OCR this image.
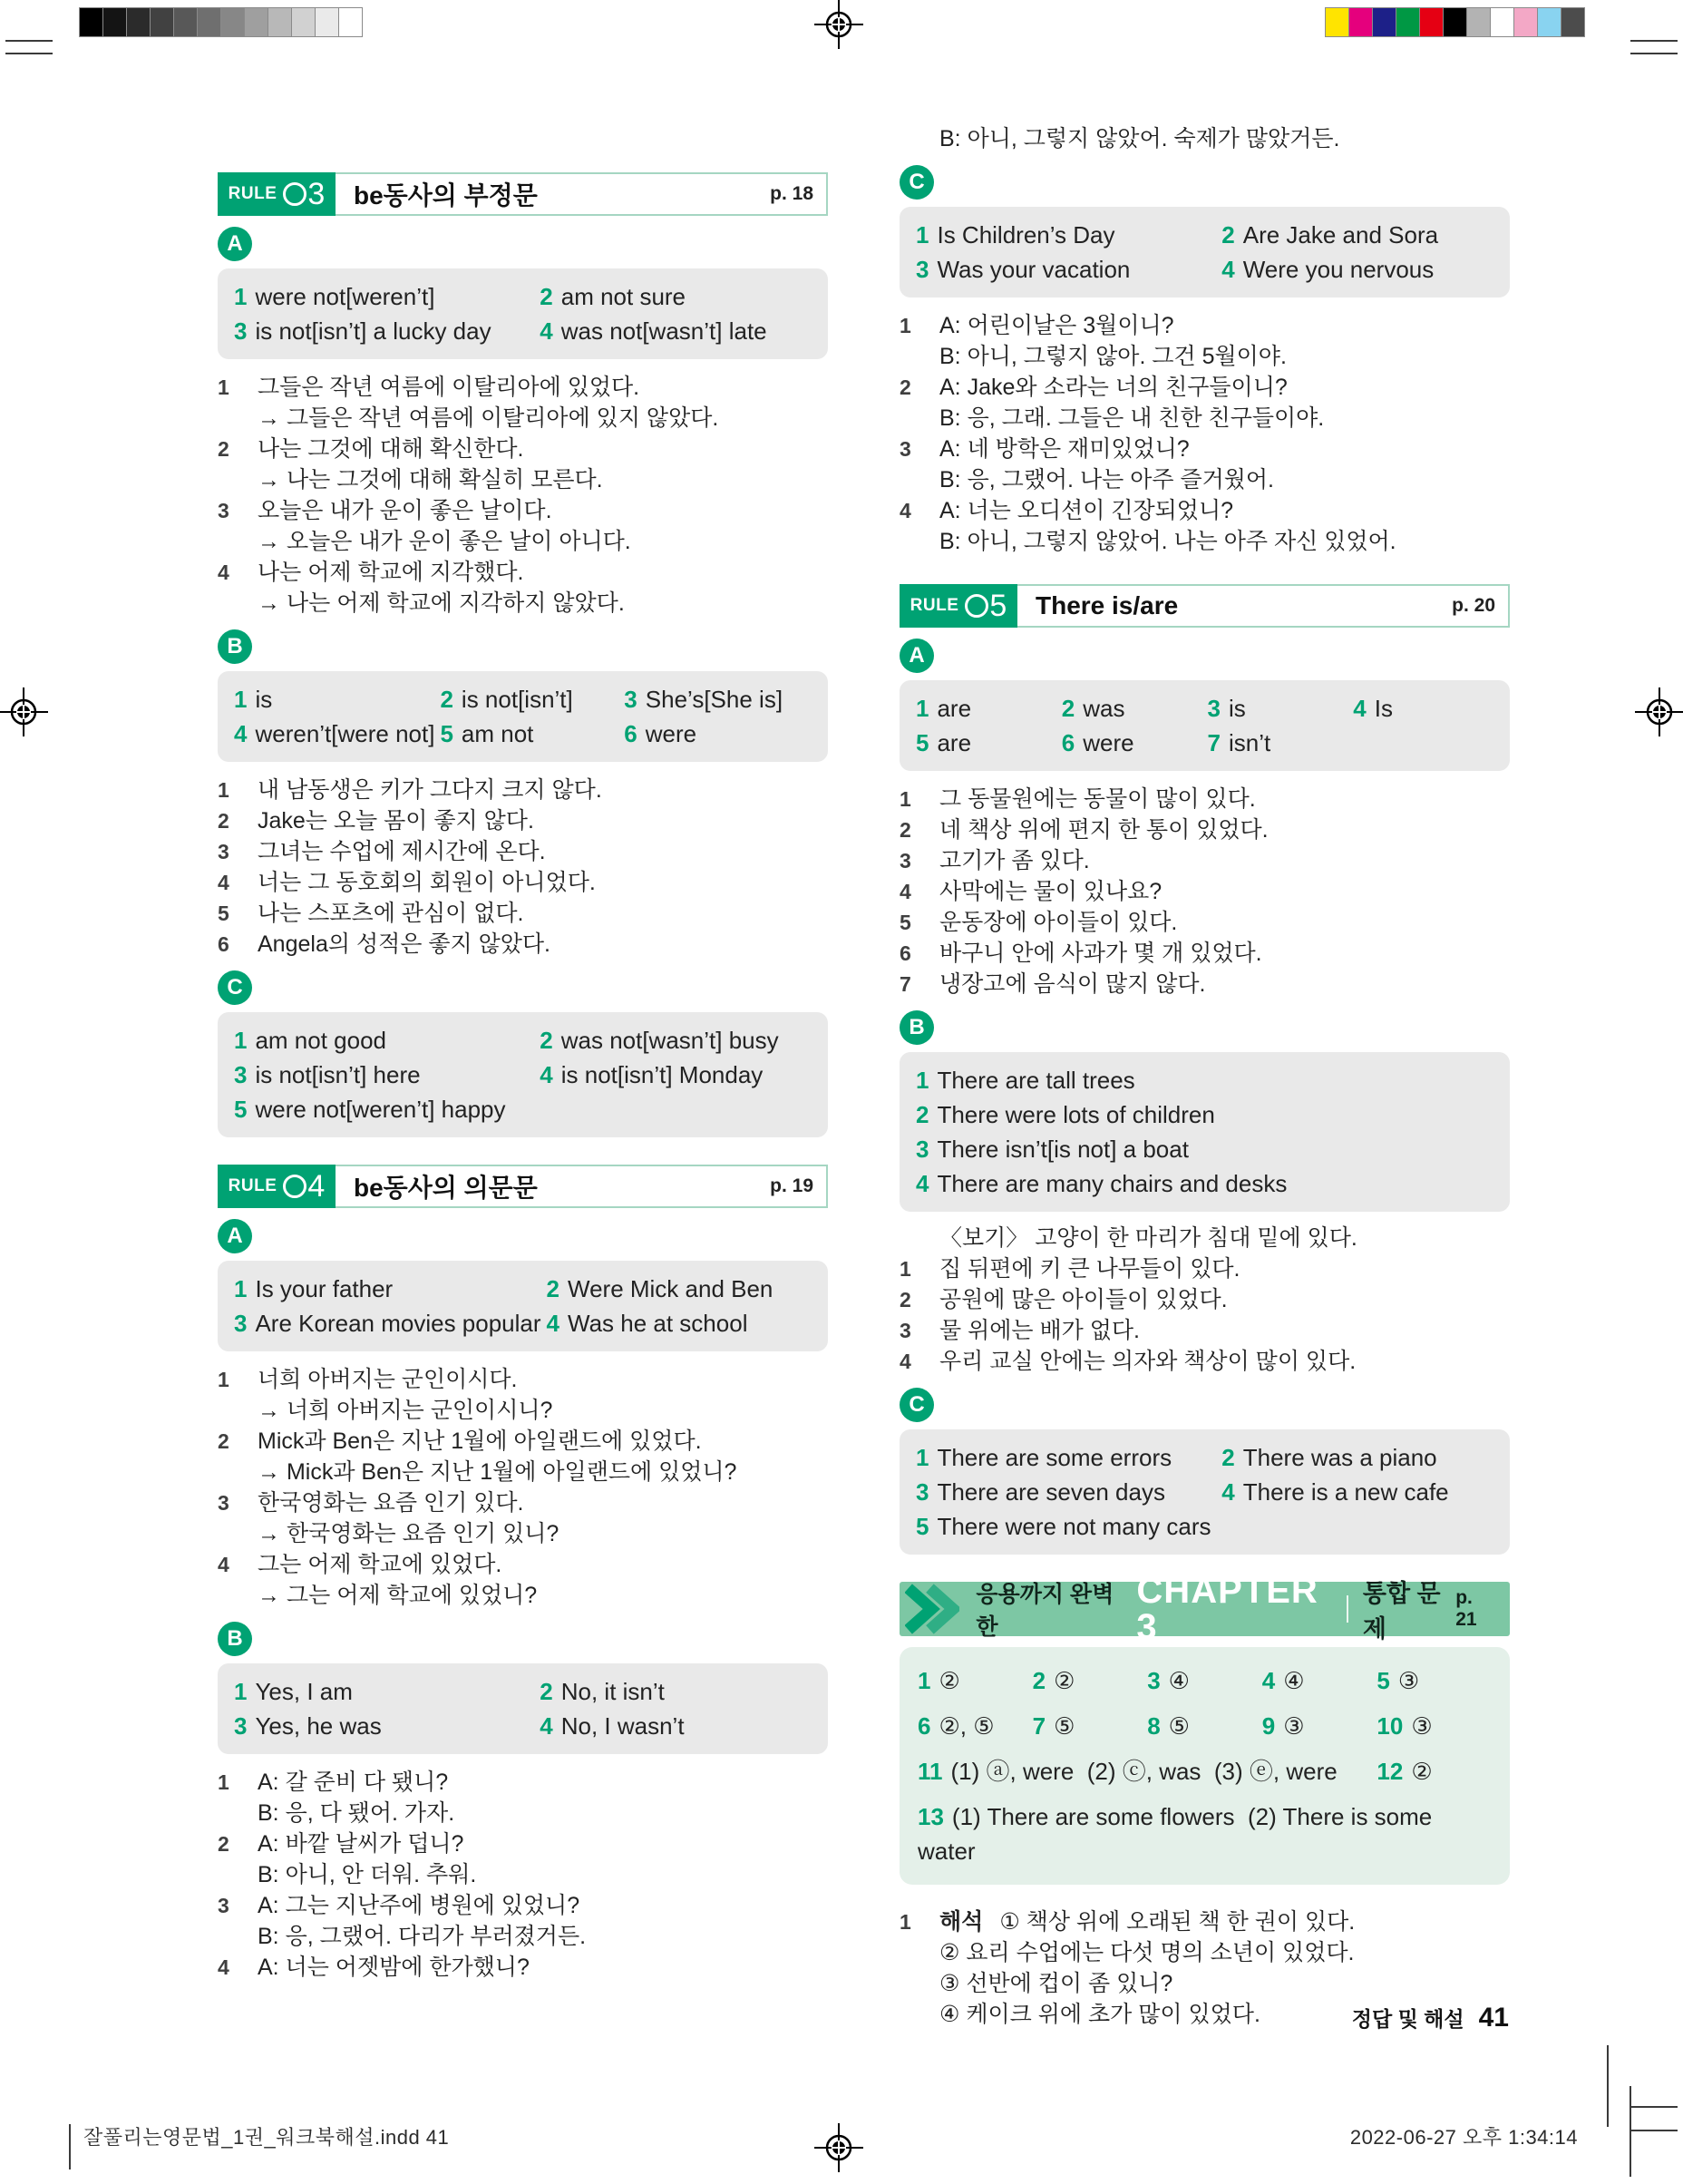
잘풀리는영문법_1권_워크북해설.indd 41	2022-06-27 오후 1:34:14
RULE 3	be동사의 부정문	p. 18
A
1 were not[weren’t]	2 am not sure
3 is not[isn’t] a lucky day	4 was not[wasn’t] late
1	그들은 작년 여름에 이탈리아에 있었다.
→ 그들은 작년 여름에 이탈리아에 있지 않았다.
2	나는 그것에 대해 확신한다.
→ 나는 그것에 대해 확실히 모른다.
3	오늘은 내가 운이 좋은 날이다.
→ 오늘은 내가 운이 좋은 날이 아니다.
4	나는 어제 학교에 지각했다.
→ 나는 어제 학교에 지각하지 않았다.
B
1 is	2 is not[isn’t]	3 She’s[She is]
4 weren’t[were not] 5 am not	6 were
1	내 남동생은 키가 그다지 크지 않다.
2	Jake는 오늘 몸이 좋지 않다.
3	그녀는 수업에 제시간에 온다.
4	너는 그 동호회의 회원이 아니었다.
5	나는 스포츠에 관심이 없다.
6	Angela의 성적은 좋지 않았다.
C
1 am not good	2 was not[wasn’t] busy
3 is not[isn’t] here	4 is not[isn’t] Monday
5 were not[weren’t] happy
RULE 4	be동사의 의문문	p. 19
A
1 Is your father	2 Were Mick and Ben
3 Are Korean movies popular 4 Was he at school
1	너희 아버지는 군인이시다.
→ 너희 아버지는 군인이시니?
2	Mick과 Ben은 지난 1월에 아일랜드에 있었다.
→ Mick과 Ben은 지난 1월에 아일랜드에 있었니?
3	한국영화는 요즘 인기 있다.
→ 한국영화는 요즘 인기 있니?
4	그는 어제 학교에 있었다.
→ 그는 어제 학교에 있었니?
B
1 Yes, I am	2 No, it isn’t
3 Yes, he was	4 No, I wasn’t
1	A: 갈 준비 다 됐니?
B: 응, 다 됐어. 가자.
2	A: 바깥 날씨가 덥니?
B: 아니, 안 더워. 추워.
3	A: 그는 지난주에 병원에 있었니?
B: 응, 그랬어. 다리가 부러졌거든.
4	A: 너는 어젯밤에 한가했니?
B: 아니, 그렇지 않았어. 숙제가 많았거든.
C
1 Is Children’s Day	2 Are Jake and Sora
3 Was your vacation	4 Were you nervous
1	A: 어린이날은 3월이니?
B: 아니, 그렇지 않아. 그건 5월이야.
2	A: Jake와 소라는 너의 친구들이니?
B: 응, 그래. 그들은 내 친한 친구들이야.
3	A: 네 방학은 재미있었니?
B: 응, 그랬어. 나는 아주 즐거웠어.
4	A: 너는 오디션이 긴장되었니?
B: 아니, 그렇지 않았어. 나는 아주 자신 있었어.
RULE 5	There is/are	p. 20
A
1 are	2 was	3 is	4 Is
5 are	6 were	7 isn’t
1	그 동물원에는 동물이 많이 있다.
2	네 책상 위에 편지 한 통이 있었다.
3	고기가 좀 있다.
4	사막에는 물이 있나요?
5	운동장에 아이들이 있다.
6	바구니 안에 사과가 몇 개 있었다.
7	냉장고에 음식이 많지 않다.
B
1 There are tall trees
2 There were lots of children
3 There isn’t[is not] a boat
4 There are many chairs and desks
〈보기〉 고양이 한 마리가 침대 밑에 있다.
1	집 뒤편에 키 큰 나무들이 있다.
2	공원에 많은 아이들이 있었다.
3	물 위에는 배가 없다.
4	우리 교실 안에는 의자와 책상이 많이 있다.
C
1 There are some errors	2 There was a piano
3 There are seven days	4 There is a new cafe
5 There were not many cars
응용까지 완벽한
CHAPTER 3
통합 문제
p. 21
1 ②	2 ②	3 ④	4 ④	5 ③
6 ②, ⑤	7 ⑤	8 ⑤	9 ③	10 ③
11 (1) ⓐ, were  (2) ⓒ, was  (3) ⓔ, were	12 ②
13 (1) There are some flowers  (2) There is some water
1	해석 ① 책상 위에 오래된 책 한 권이 있다.
② 요리 수업에는 다섯 명의 소년이 있었다.
③ 선반에 컵이 좀 있니?
④ 케이크 위에 초가 많이 있었다.	정답 및 해설 41
